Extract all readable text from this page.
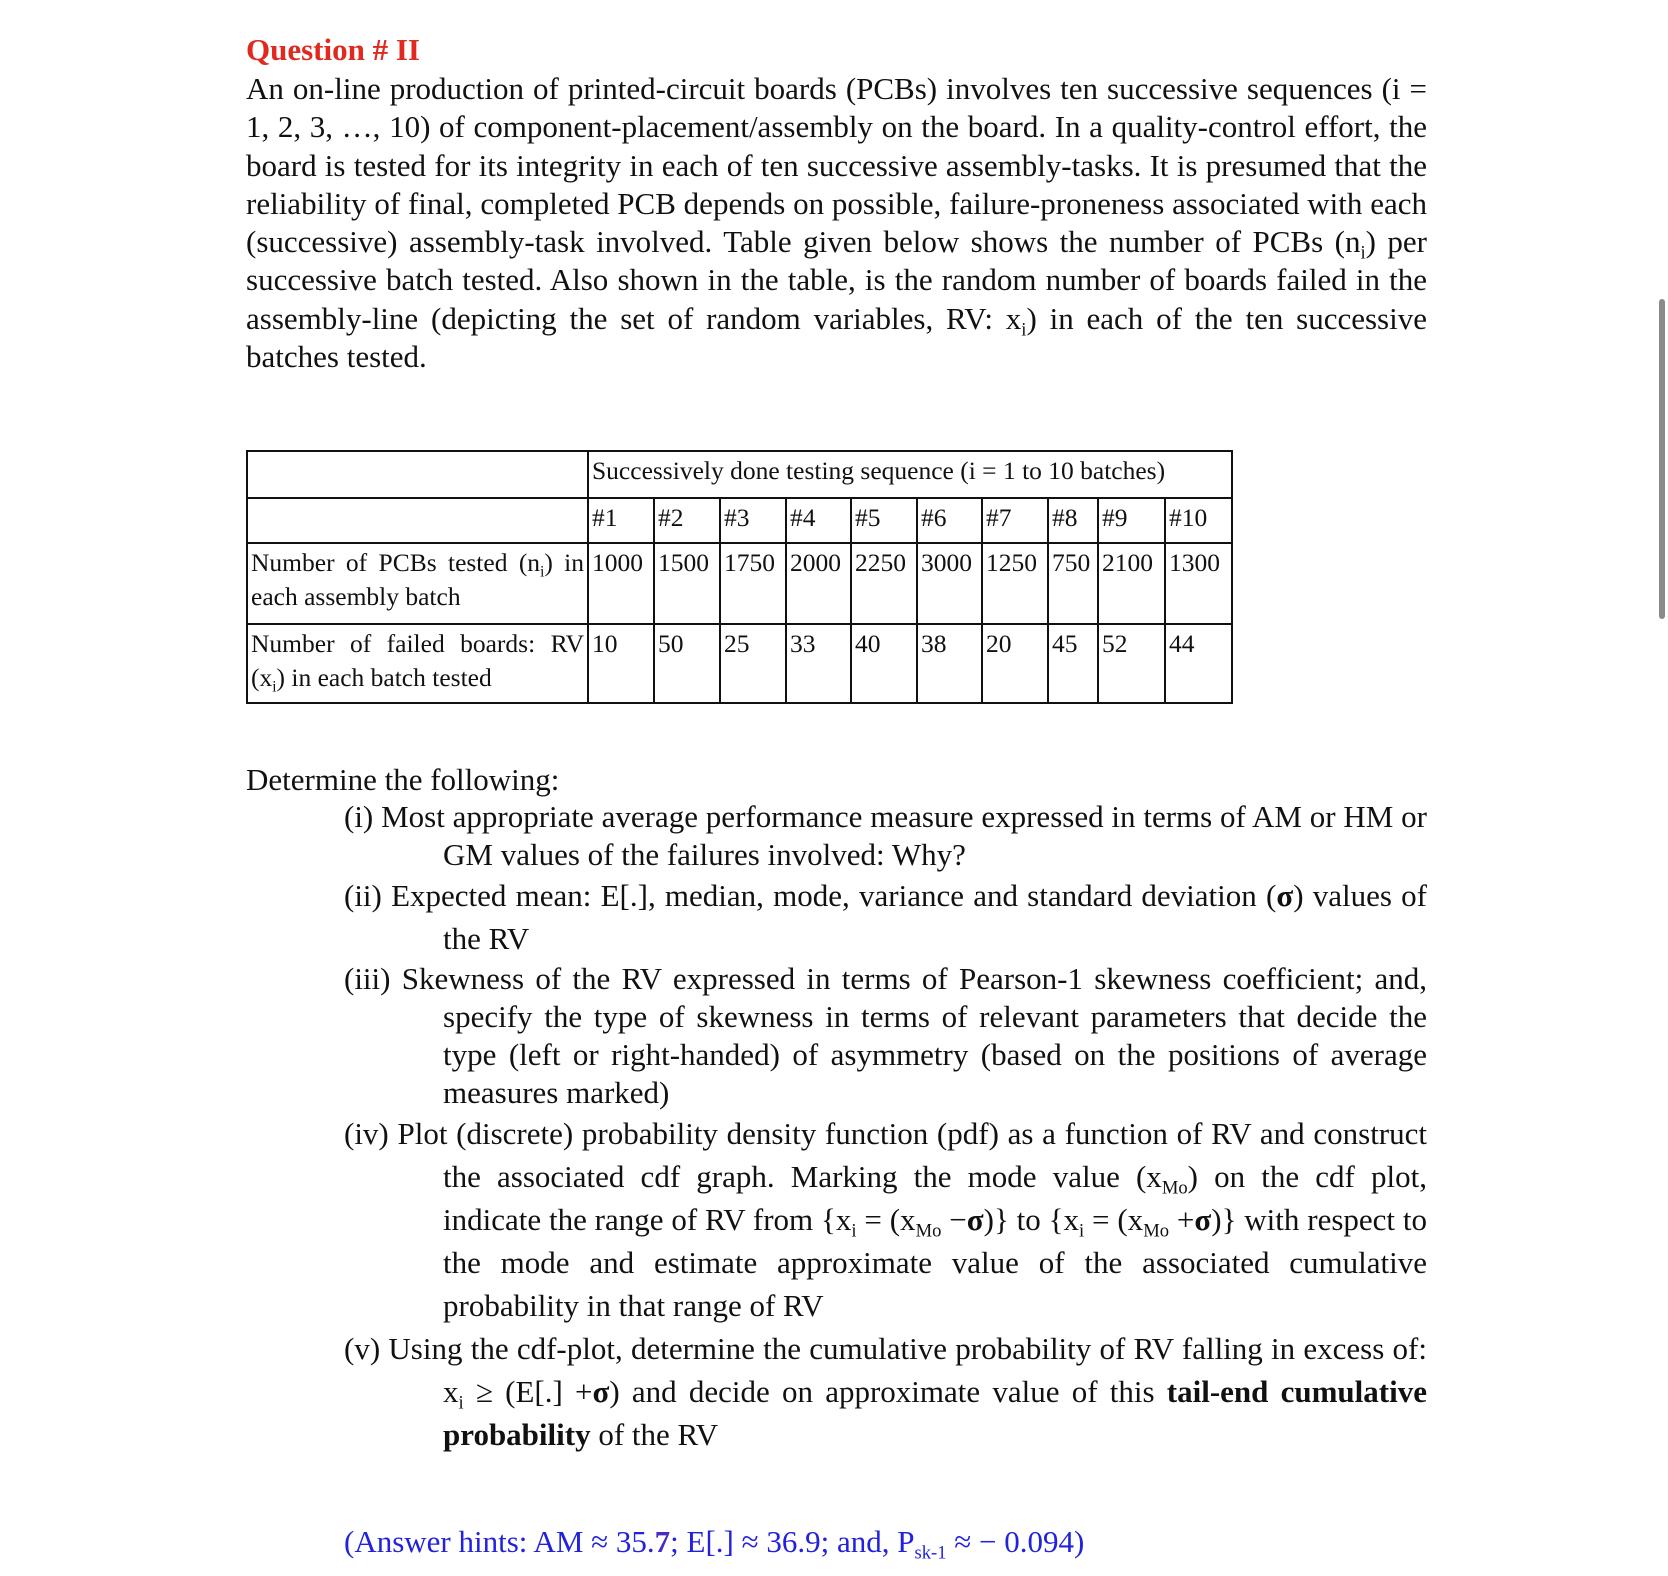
Question # II
An on-line production of printed-circuit boards (PCBs) involves ten successive sequences (i = 1, 2, 3, …, 10) of component-placement/assembly on the board. In a quality-control effort, the board is tested for its integrity in each of ten successive assembly-tasks. It is presumed that the reliability of final, completed PCB depends on possible, failure-proneness associated with each (successive) assembly-task involved. Table given below shows the number of PCBs $(n_i)$ per successive batch tested. Also shown in the table, is the random number of boards failed in the assembly-line (depicting the set of random variables, RV: $x_i$) in each of the ten successive batches tested.
	Successively done testing sequence (i = 1 to 10 batches)									
	#1	#2	#3	#4	#5	#6	#7	#8	#9	#10
Number of PCBs tested $(n_i)$ in each assembly batch	1000	1500	1750	2000	2250	3000	1250	750	2100	1300
Number of failed boards: RV $(x_i)$ in each batch tested	10	50	25	33	40	38	20	45	52	44
Determine the following:
(i) Most appropriate average performance measure expressed in terms of AM or HM or GM values of the failures involved: Why?
(ii) Expected mean: E[.], median, mode, variance and standard deviation (σ) values of the RV
(iii) Skewness of the RV expressed in terms of Pearson-1 skewness coefficient; and, specify the type of skewness in terms of relevant parameters that decide the type (left or right-handed) of asymmetry (based on the positions of average measures marked)
(iv) Plot (discrete) probability density function (pdf) as a function of RV and construct the associated cdf graph. Marking the mode value $(x_{Mo})$ on the cdf plot, indicate the range of RV from $\{x_i = (x_{Mo} -\sigma)\}$ to $\{x_i = (x_{Mo} +\sigma)\}$ with respect to the mode and estimate approximate value of the associated cumulative probability in that range of RV
(v) Using the cdf-plot, determine the cumulative probability of RV falling in excess of: $x_i \ge (E[.] +\sigma)$ and decide on approximate value of this tail-end cumulative probability of the RV
(Answer hints: AM ≈ 35.7; E[.] ≈ 36.9; and, $P_{sk-1}$ ≈ − 0.094)
